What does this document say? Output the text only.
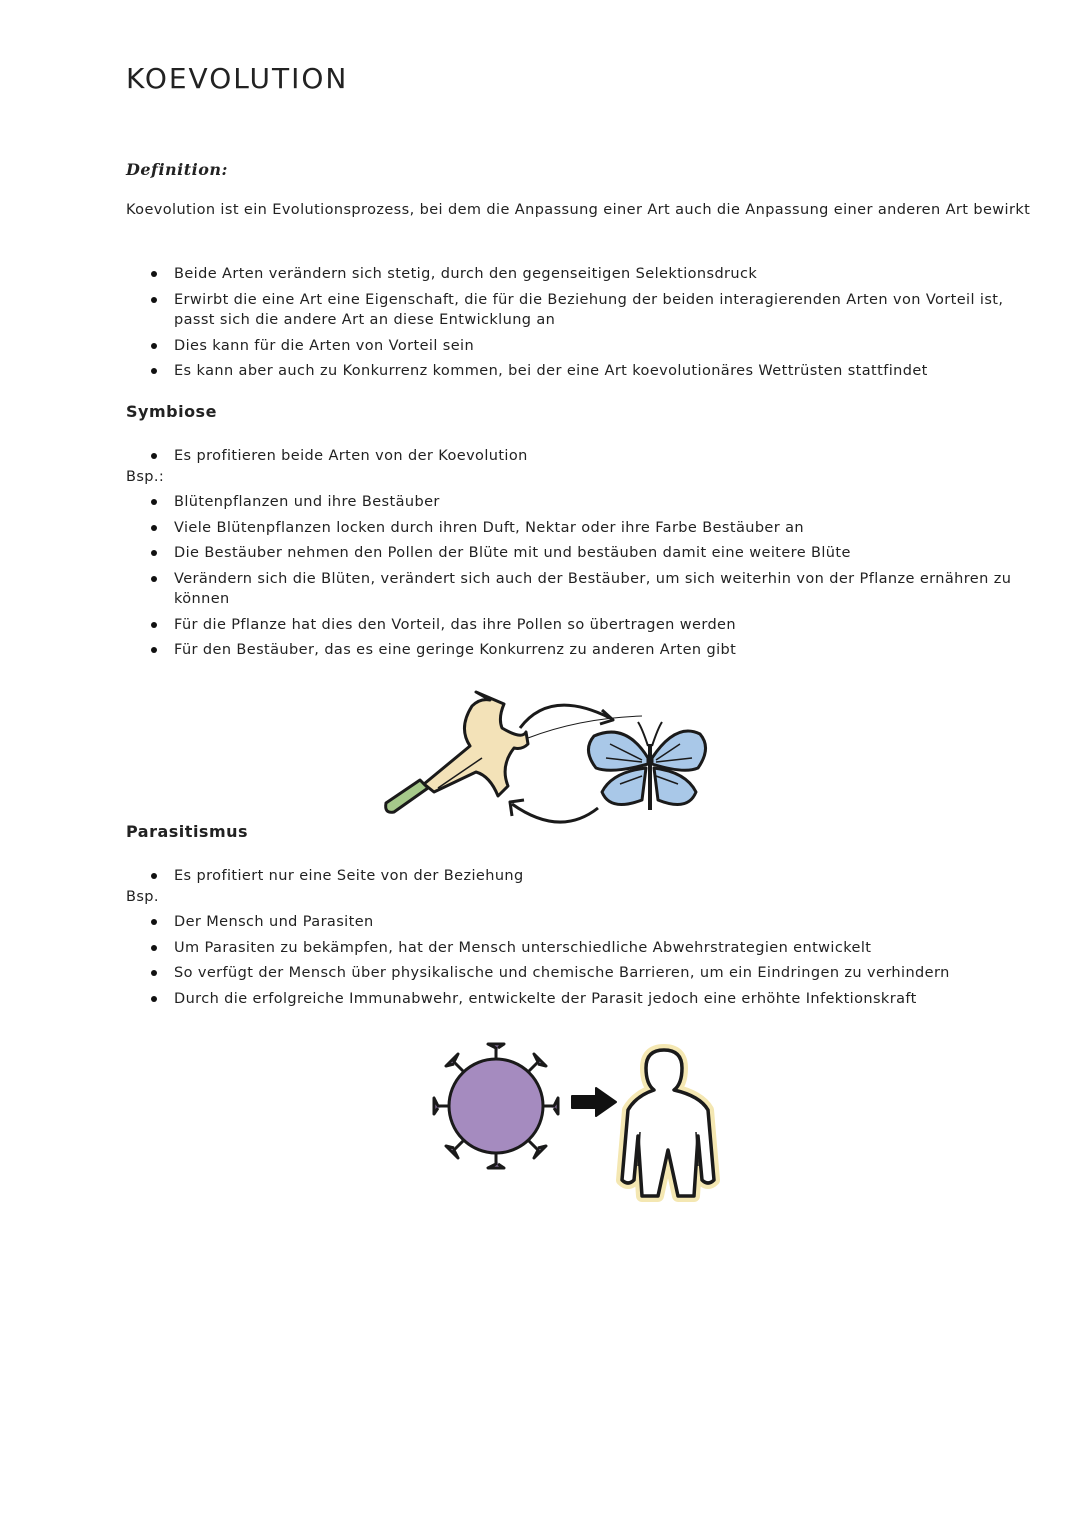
KOEVOLUTION
Definition:
Koevolution ist ein Evolutionsprozess, bei dem die Anpassung einer Art auch die Anpassung einer anderen Art bewirkt
Beide Arten verändern sich stetig, durch den gegenseitigen Selektionsdruck
Erwirbt die eine Art eine Eigenschaft, die für die Beziehung der beiden interagierenden Arten von Vorteil ist, passt sich die andere Art an diese Entwicklung an
Dies kann für die Arten von Vorteil sein
Es kann aber auch zu Konkurrenz kommen, bei der eine Art koevolutionäres Wettrüsten stattfindet
Symbiose
Es profitieren beide Arten von der Koevolution
Bsp.:
Blütenpflanzen und ihre Bestäuber
Viele Blütenpflanzen locken durch ihren Duft, Nektar oder ihre Farbe Bestäuber an
Die Bestäuber nehmen den Pollen der Blüte mit und bestäuben damit eine weitere Blüte
Verändern sich die Blüten, verändert sich auch der Bestäuber, um sich weiterhin von der Pflanze ernähren zu können
Für die Pflanze hat dies den Vorteil, das ihre Pollen so übertragen werden
Für den Bestäuber, das es eine geringe Konkurrenz zu anderen Arten gibt
Parasitismus
Es profitiert nur eine Seite von der Beziehung
Bsp.
Der Mensch und Parasiten
Um Parasiten zu bekämpfen, hat der Mensch unterschiedliche Abwehrstrategien entwickelt
So verfügt der Mensch über physikalische und chemische Barrieren, um ein Eindringen zu verhindern
Durch die erfolgreiche Immunabwehr, entwickelte der Parasit jedoch eine erhöhte Infektionskraft
